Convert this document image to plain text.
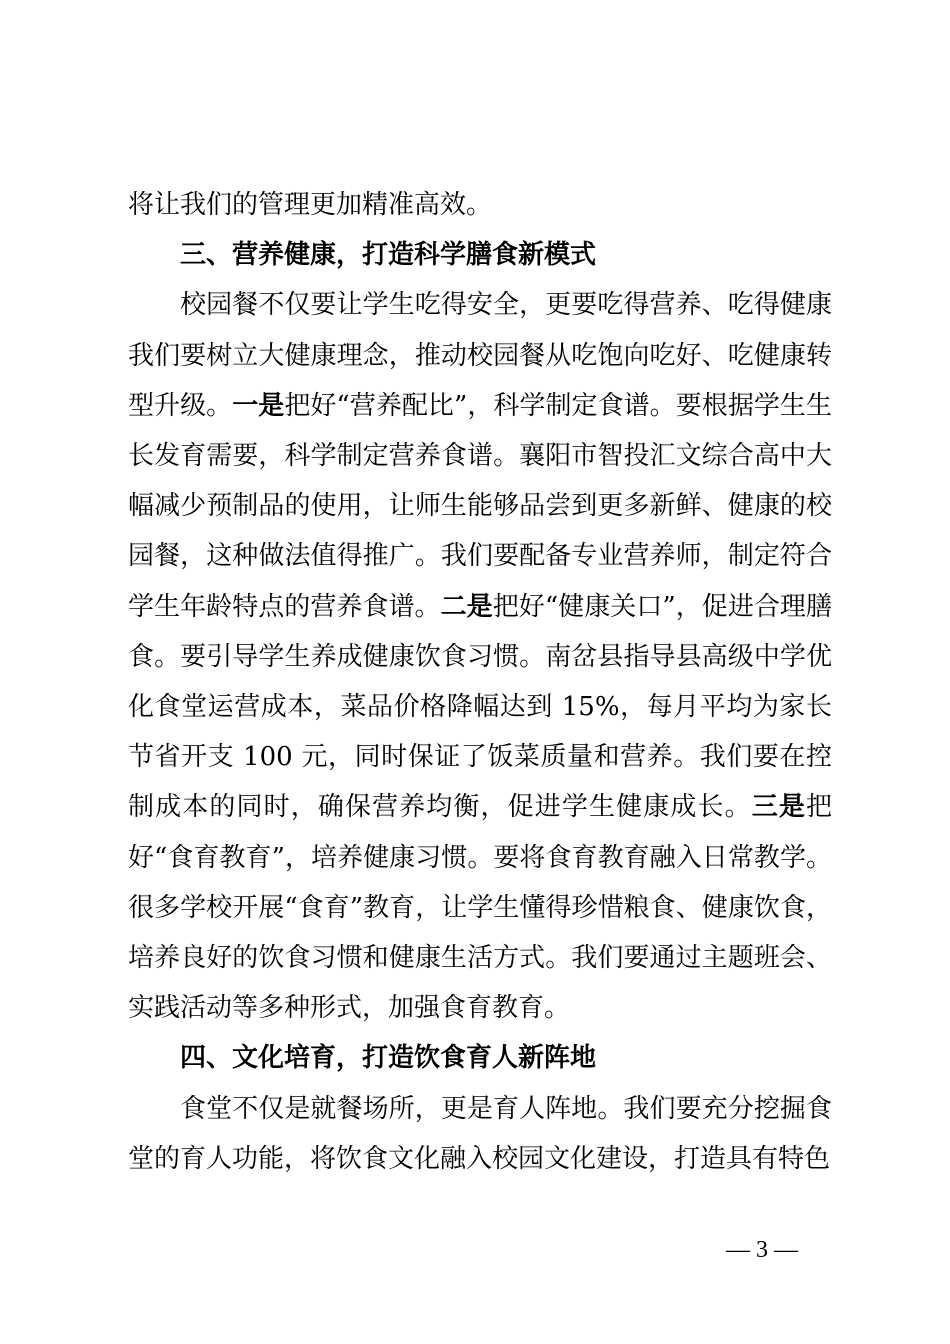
将让我们的管理更加精准高效。

三、营养健康，打造科学膳食新模式

校园餐不仅要让学生吃得安全，更要吃得营养、吃得健康我们要树立大健康理念，推动校园餐从吃饱向吃好、吃健康转型升级。一是把好“营养配比”，科学制定食谱。要根据学生生长发育需要，科学制定营养食谱。襄阳市智投汇文综合高中大幅减少预制品的使用，让师生能够品尝到更多新鲜、健康的校园餐，这种做法值得推广。我们要配备专业营养师，制定符合学生年龄特点的营养食谱。二是把好“健康关口”，促进合理膳食。要引导学生养成健康饮食习惯。南岔县指导县高级中学优化食堂运营成本，菜品价格降幅达到 15%，每月平均为家长节省开支 100 元，同时保证了饭菜质量和营养。我们要在控制成本的同时，确保营养均衡，促进学生健康成长。三是把好“食育教育”，培养健康习惯。要将食育教育融入日常教学。很多学校开展“食育”教育，让学生懂得珍惜粮食、健康饮食，培养良好的饮食习惯和健康生活方式。我们要通过主题班会、实践活动等多种形式，加强食育教育。

四、文化培育，打造饮食育人新阵地

食堂不仅是就餐场所，更是育人阵地。我们要充分挖掘食堂的育人功能，将饮食文化融入校园文化建设，打造具有特色

— 3 —
